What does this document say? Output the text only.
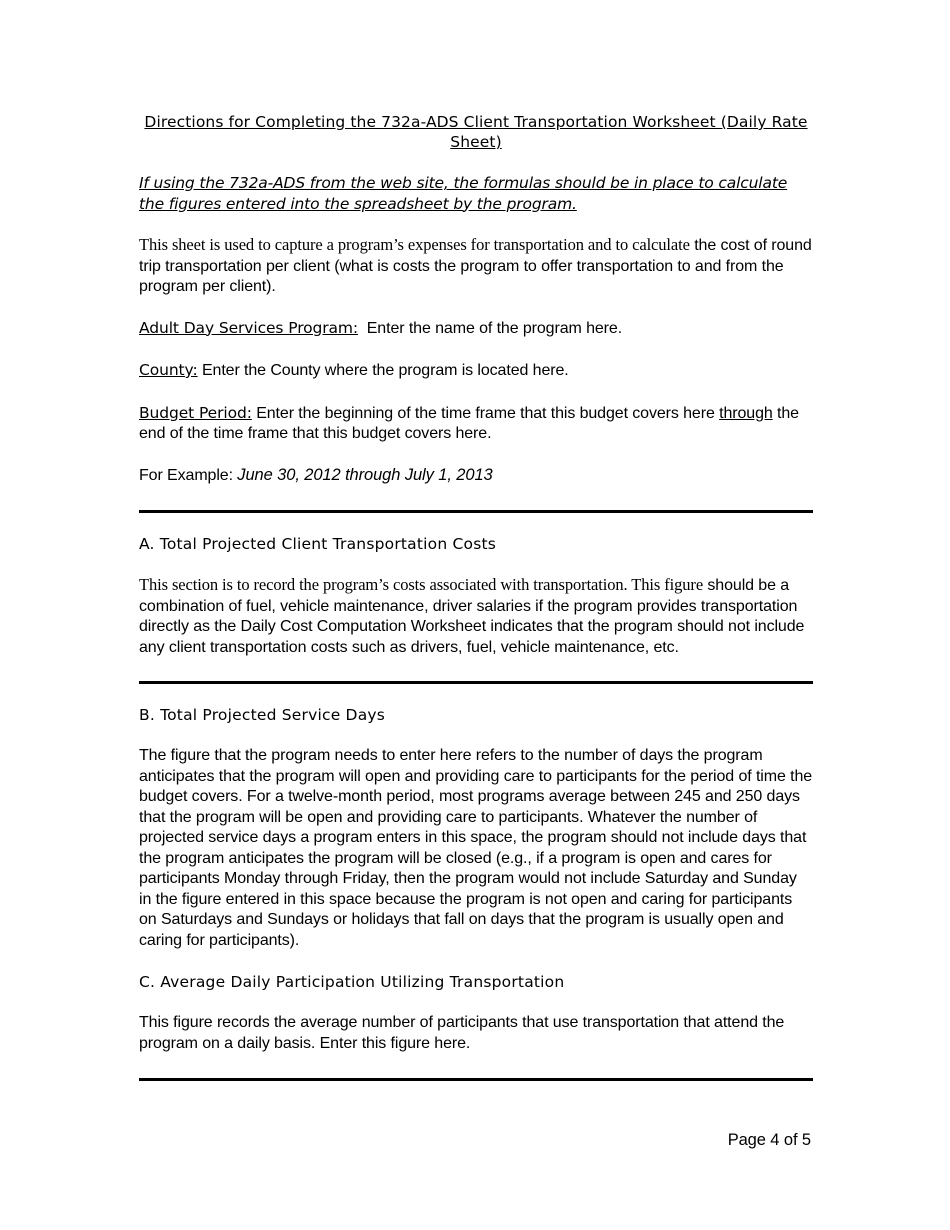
Directions for Completing the 732a-ADS Client Transportation Worksheet (Daily Rate Sheet)

If using the 732a-ADS from the web site, the formulas should be in place to calculate the figures entered into the spreadsheet by the program.

This sheet is used to capture a program’s expenses for transportation and to calculate the cost of round trip transportation per client (what is costs the program to offer transportation to and from the program per client).

Adult Day Services Program:  Enter the name of the program here.

County: Enter the County where the program is located here.

Budget Period: Enter the beginning of the time frame that this budget covers here through the end of the time frame that this budget covers here.

For Example: June 30, 2012 through July 1, 2013

A. Total Projected Client Transportation Costs

This section is to record the program’s costs associated with transportation. This figure should be a combination of fuel, vehicle maintenance, driver salaries if the program provides transportation directly as the Daily Cost Computation Worksheet indicates that the program should not include any client transportation costs such as drivers, fuel, vehicle maintenance, etc.

B. Total Projected Service Days

The figure that the program needs to enter here refers to the number of days the program anticipates that the program will open and providing care to participants for the period of time the budget covers. For a twelve-month period, most programs average between 245 and 250 days that the program will be open and providing care to participants. Whatever the number of projected service days a program enters in this space, the program should not include days that the program anticipates the program will be closed (e.g., if a program is open and cares for participants Monday through Friday, then the program would not include Saturday and Sunday in the figure entered in this space because the program is not open and caring for participants on Saturdays and Sundays or holidays that fall on days that the program is usually open and caring for participants).

C. Average Daily Participation Utilizing Transportation

This figure records the average number of participants that use transportation that attend the program on a daily basis. Enter this figure here.

Page 4 of 5
